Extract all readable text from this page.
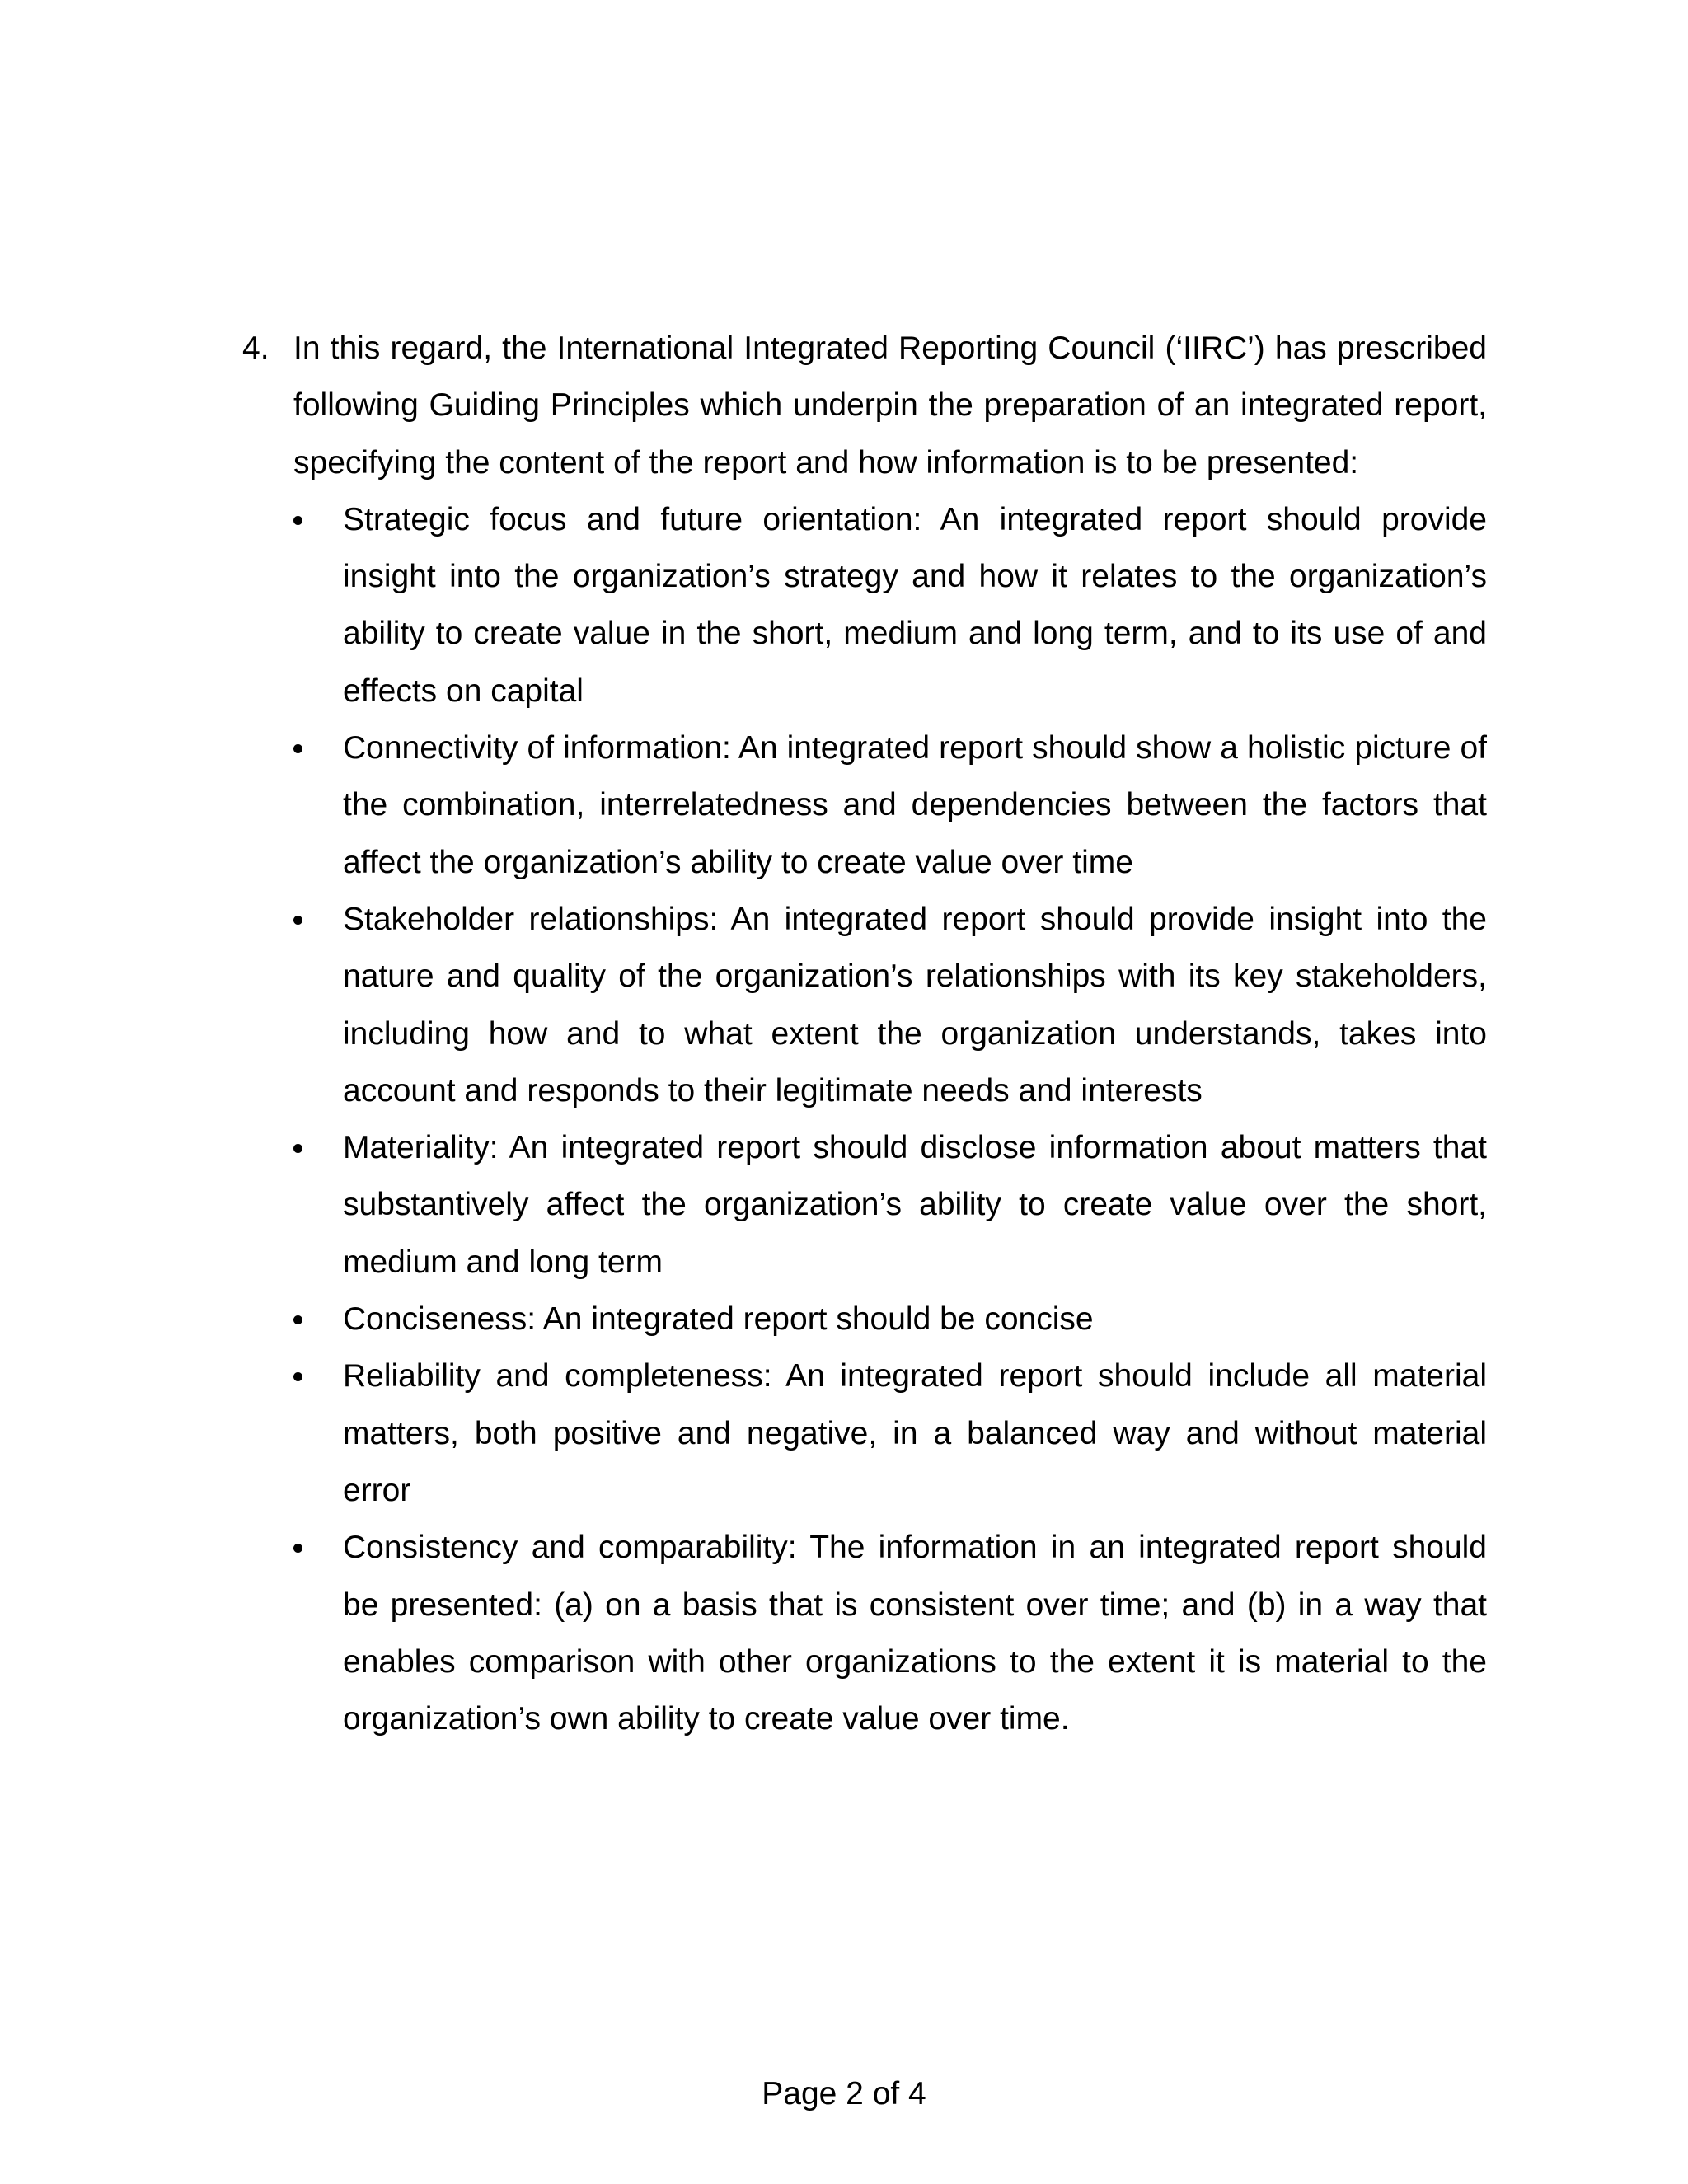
4. In this regard, the International Integrated Reporting Council (‘IIRC’) has prescribed following Guiding Principles which underpin the preparation of an integrated report, specifying the content of the report and how information is to be presented:
Strategic focus and future orientation: An integrated report should provide insight into the organization’s strategy and how it relates to the organization’s ability to create value in the short, medium and long term, and to its use of and effects on capital
Connectivity of information: An integrated report should show a holistic picture of the combination, interrelatedness and dependencies between the factors that affect the organization’s ability to create value over time
Stakeholder relationships: An integrated report should provide insight into the nature and quality of the organization’s relationships with its key stakeholders, including how and to what extent the organization understands, takes into account and responds to their legitimate needs and interests
Materiality: An integrated report should disclose information about matters that substantively affect the organization’s ability to create value over the short, medium and long term
Conciseness: An integrated report should be concise
Reliability and completeness: An integrated report should include all material matters, both positive and negative, in a balanced way and without material error
Consistency and comparability: The information in an integrated report should be presented: (a) on a basis that is consistent over time; and (b) in a way that enables comparison with other organizations to the extent it is material to the organization’s own ability to create value over time.
Page 2 of 4
